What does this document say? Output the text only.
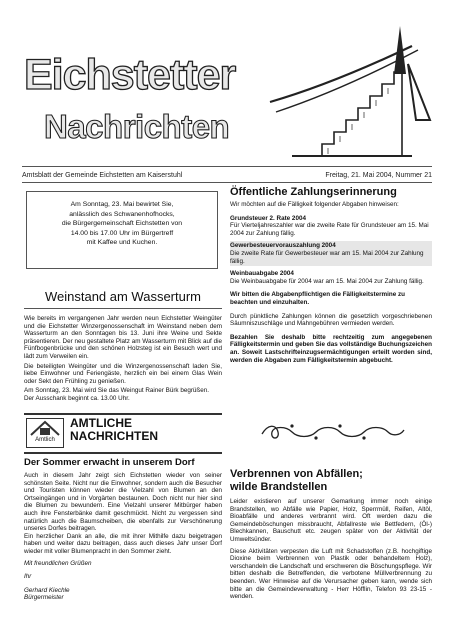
Eichstetter
Nachrichten
Amtsblatt der Gemeinde Eichstetten am Kaiserstuhl	Freitag, 21. Mai 2004, Nummer 21

Am Sonntag, 23. Mai bewirtet Sie,

anlässlich des Schwanenhofhocks,

die Bürgergemeinschaft Eichstetten von

14.00 bis 17.00 Uhr im Bürgertreff

mit Kaffee und Kuchen.

Weinstand am Wasserturm

Wie bereits im vergangenen Jahr werden neun Eichstetter Weingüter und die Eichstetter Winzergenossenschaft im Weinstand neben dem Wasserturm an den Sonntagen bis 13. Juni ihre Weine und Sekte präsentieren. Der neu gestaltete Platz am Wasserturm mit Blick auf die Fünfbogenbrücke und den schönen Holzsteg ist ein Besuch wert und lädt zum Verweilen ein.

Die beteiligten Weingüter und die Winzergenossenschaft laden Sie, liebe Einwohner und Feriengäste, herzlich ein bei einem Glas Wein oder Sekt den Frühling zu genießen.

Am Sonntag, 23. Mai wird Sie das Weingut Rainer Bürk begrüßen.

Der Ausschank beginnt ca. 13.00 Uhr.

Amtlich
AMTLICHE
NACHRICHTEN
Der Sommer erwacht in unserem Dorf

Auch in diesem Jahr zeigt sich Eichstetten wieder von seiner schönsten Seite. Nicht nur die Einwohner, sondern auch die Besucher und Touristen können wieder die Vielzahl von Blumen an den Ortseingängen und in Vorgärten bestaunen. Doch nicht nur hier sind die Blumen zu bewundern. Eine Vielzahl unserer Mitbürger haben auch ihre Fensterbänke damit geschmückt. Nicht zu vergessen sind natürlich auch die Baumscheiben, die ebenfalls zur Verschönerung unseres Dorfes beitragen.

Ein herzlicher Dank an alle, die mit ihrer Mithilfe dazu beigetragen haben und weiter dazu beitragen, dass auch dieses Jahr unser Dorf wieder mit voller Blumenpracht in den Sommer zieht.

Mit freundlichen Grüßen

Ihr

Gerhard Kiechle

Bürgermeister

Öffentliche Zahlungserinnerung

Wir möchten auf die Fälligkeit folgender Abgaben hinweisen:

Grundsteuer 2. Rate 2004

Für Vierteljahreszahler war die zweite Rate für Grundsteuer am 15. Mai 2004 zur Zahlung fällig.

Gewerbesteuervorauszahlung 2004

Die zweite Rate für Gewerbesteuer war am 15. Mai 2004 zur Zahlung fällig.

Weinbauabgabe 2004

Die Weinbauabgabe für 2004 war am 15. Mai 2004 zur Zahlung fällig.

Wir bitten die Abgabenpflichtigen die Fälligkeitstermine zu beachten und einzuhalten.

Durch pünktliche Zahlungen können die gesetzlich vorgeschriebenen Säumniszuschläge und Mahngebühren vermieden werden.

Bezahlen Sie deshalb bitte rechtzeitig zum angegebenen Fälligkeitstermin und geben Sie das vollständige Buchungszeichen an. Soweit Lastschrifteinzugsermächtigungen erteilt worden sind, werden die Abgaben zum Fälligkeitstermin abgebucht.

Verbrennen von Abfällen;
wilde Brandstellen

Leider existieren auf unserer Gemarkung immer noch einige Brandstellen, wo Abfälle wie Papier, Holz, Sperrmüll, Reifen, Altöl, Bioabfälle und anderes verbrannt wird. Oft werden dazu die Gemeindeböschungen missbraucht, Abfallreste wie Bettfedern, (Öl-) Blechkannen, Bauschutt etc. zeugen später von der Aktivität der Umweltsünder.

Diese Aktivitäten verpesten die Luft mit Schadstoffen (z.B. hochgiftige Dioxine beim Verbrennen von Plastik oder behandeltem Holz), verschandeln die Landschaft und erschweren die Böschungspflege. Wir bitten deshalb die Betreffenden, die verbotene Müllverbrennung zu beenden. Wer Hinweise auf die Verursacher geben kann, wende sich bitte an die Gemeindeverwaltung - Herr Höfflin, Telefon 93 23-15 - wenden.
